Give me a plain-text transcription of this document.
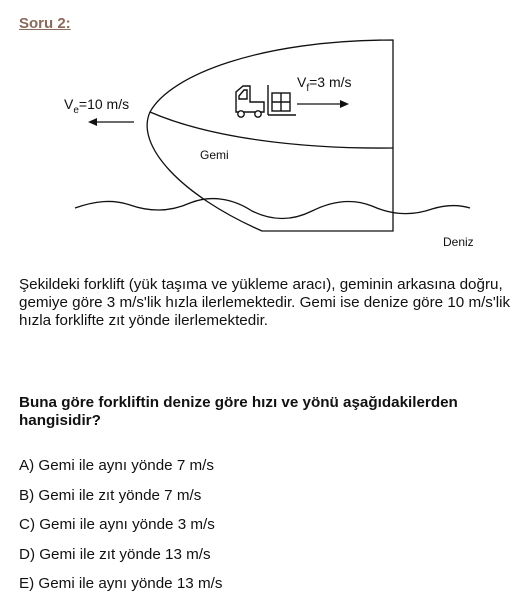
Soru 2:
$V_e=10$ m/s
$V_f=3$ m/s
Gemi
Deniz

Şekildeki forklift (yük taşıma ve yükleme aracı), geminin arkasına doğru, gemiye göre 3 m/s'lik hızla ilerlemektedir. Gemi ise denize göre 10 m/s'lik hızla forklifte zıt yönde ilerlemektedir.

Buna göre forkliftin denize göre hızı ve yönü aşağıdakilerden hangisidir?

A) Gemi ile aynı yönde 7 m/s
B) Gemi ile zıt yönde 7 m/s
C) Gemi ile aynı yönde 3 m/s
D) Gemi ile zıt yönde 13 m/s
E) Gemi ile aynı yönde 13 m/s
